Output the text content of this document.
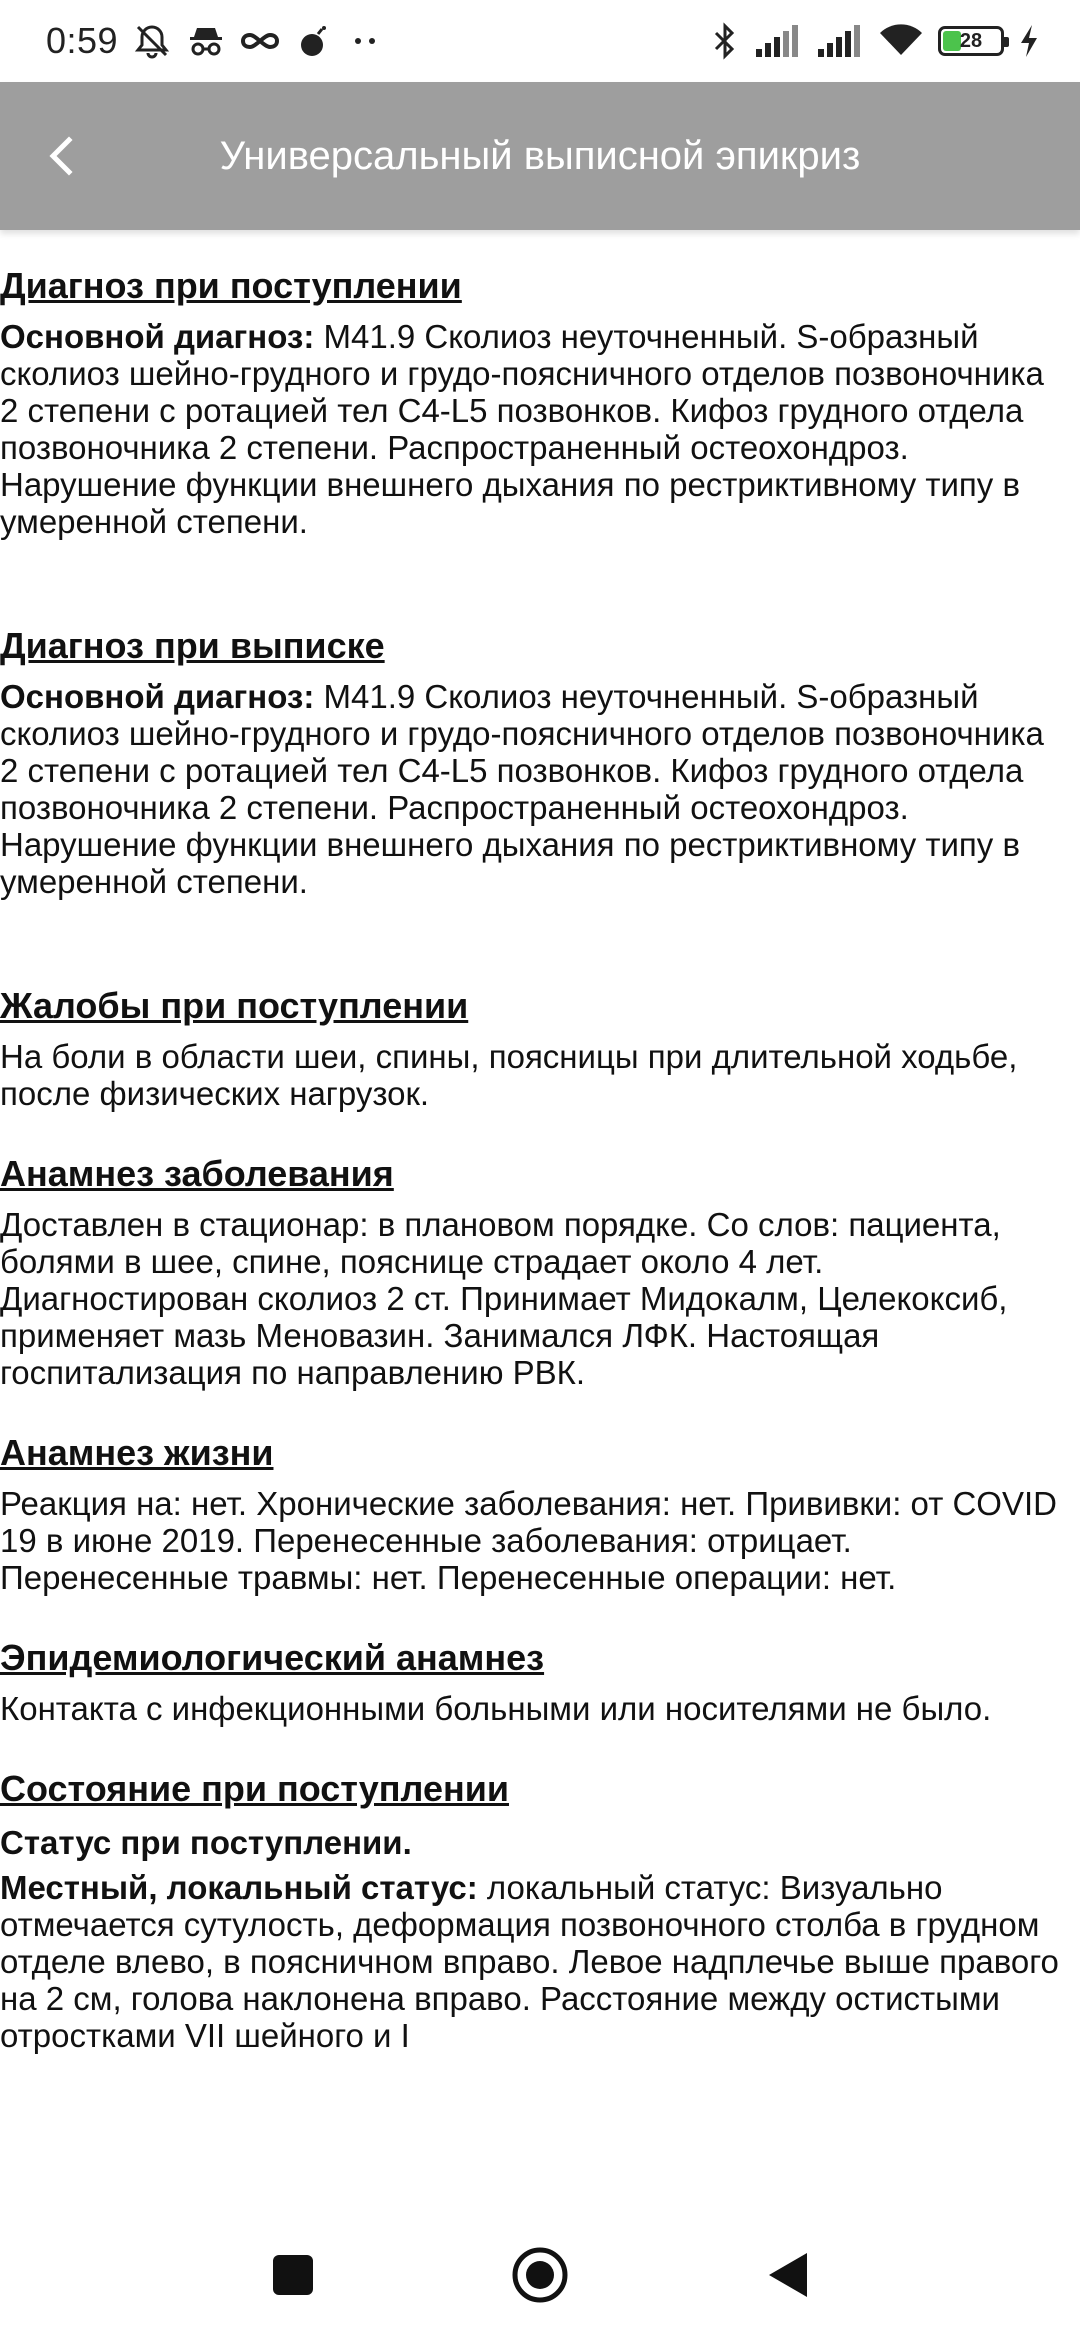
0:59	28
Универсальный выписной эпикриз
Диагноз при поступлении
Основной диагноз: M41.9 Сколиоз неуточненный. S-образный сколиоз шейно-грудного и грудо-поясничного отделов позвоночника 2 степени с ротацией тел C4-L5 позвонков. Кифоз грудного отдела позвоночника 2 степени. Распространенный остеохондроз. Нарушение функции внешнего дыхания по рестриктивному типу в умеренной степени.
Диагноз при выписке
Основной диагноз: M41.9 Сколиоз неуточненный. S-образный сколиоз шейно-грудного и грудо-поясничного отделов позвоночника 2 степени с ротацией тел C4-L5 позвонков. Кифоз грудного отдела позвоночника 2 степени. Распространенный остеохондроз. Нарушение функции внешнего дыхания по рестриктивному типу в умеренной степени.
Жалобы при поступлении
На боли в области шеи, спины, поясницы при длительной ходьбе, после физических нагрузок.
Анамнез заболевания
Доставлен в стационар: в плановом порядке. Со слов: пациента, болями в шее, спине, пояснице страдает около 4 лет. Диагностирован сколиоз 2 ст. Принимает Мидокалм, Целекоксиб, применяет мазь Меновазин. Занимался ЛФК. Настоящая госпитализация по направлению РВК.
Анамнез жизни
Реакция на: нет. Хронические заболевания: нет. Прививки: от COVID 19 в июне 2019. Перенесенные заболевания: отрицает. Перенесенные травмы: нет. Перенесенные операции: нет.
Эпидемиологический анамнез
Контакта с инфекционными больными или носителями не было.
Состояние при поступлении
Статус при поступлении.
Местный, локальный статус: локальный статус: Визуально отмечается сутулость, деформация позвоночного столба в грудном отделе влево, в поясничном вправо. Левое надплечье выше правого на 2 см, голова наклонена вправо. Расстояние между остистыми отростками VII шейного и I
